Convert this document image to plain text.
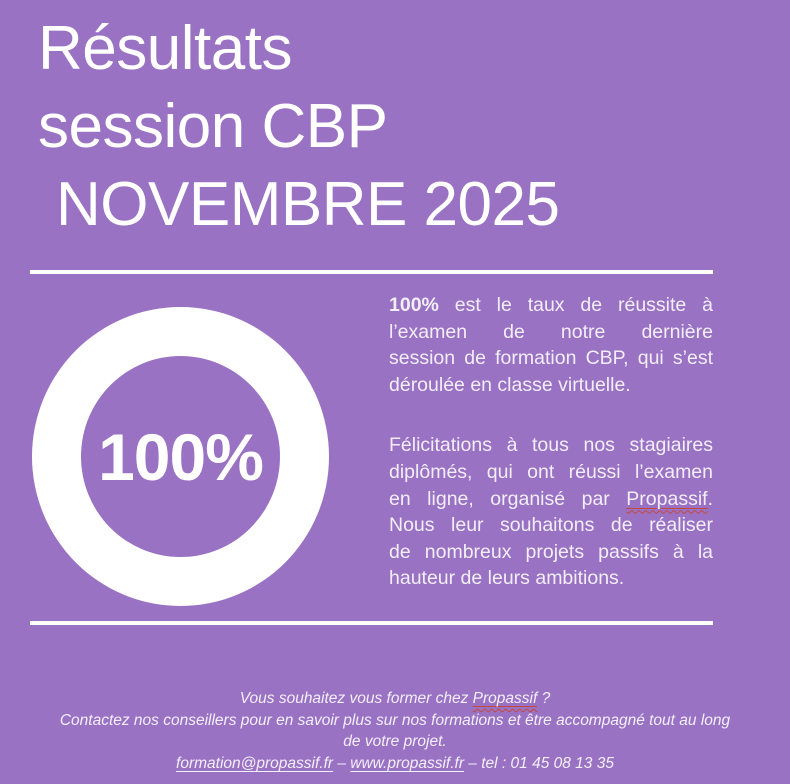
Résultats
session CBP
NOVEMBRE 2025
100%
100% est le taux de réussite à
l’examen de notre dernière
session de formation CBP, qui s’est
déroulée en classe virtuelle.
Félicitations à tous nos stagiaires
diplômés, qui ont réussi l’examen
en ligne, organisé par Propassif.
Nous leur souhaitons de réaliser
de nombreux projets passifs à la
hauteur de leurs ambitions.
Vous souhaitez vous former chez Propassif ?
Contactez nos conseillers pour en savoir plus sur nos formations et être accompagné tout au long
de votre projet.
formation@propassif.fr – www.propassif.fr – tel : 01 45 08 13 35
